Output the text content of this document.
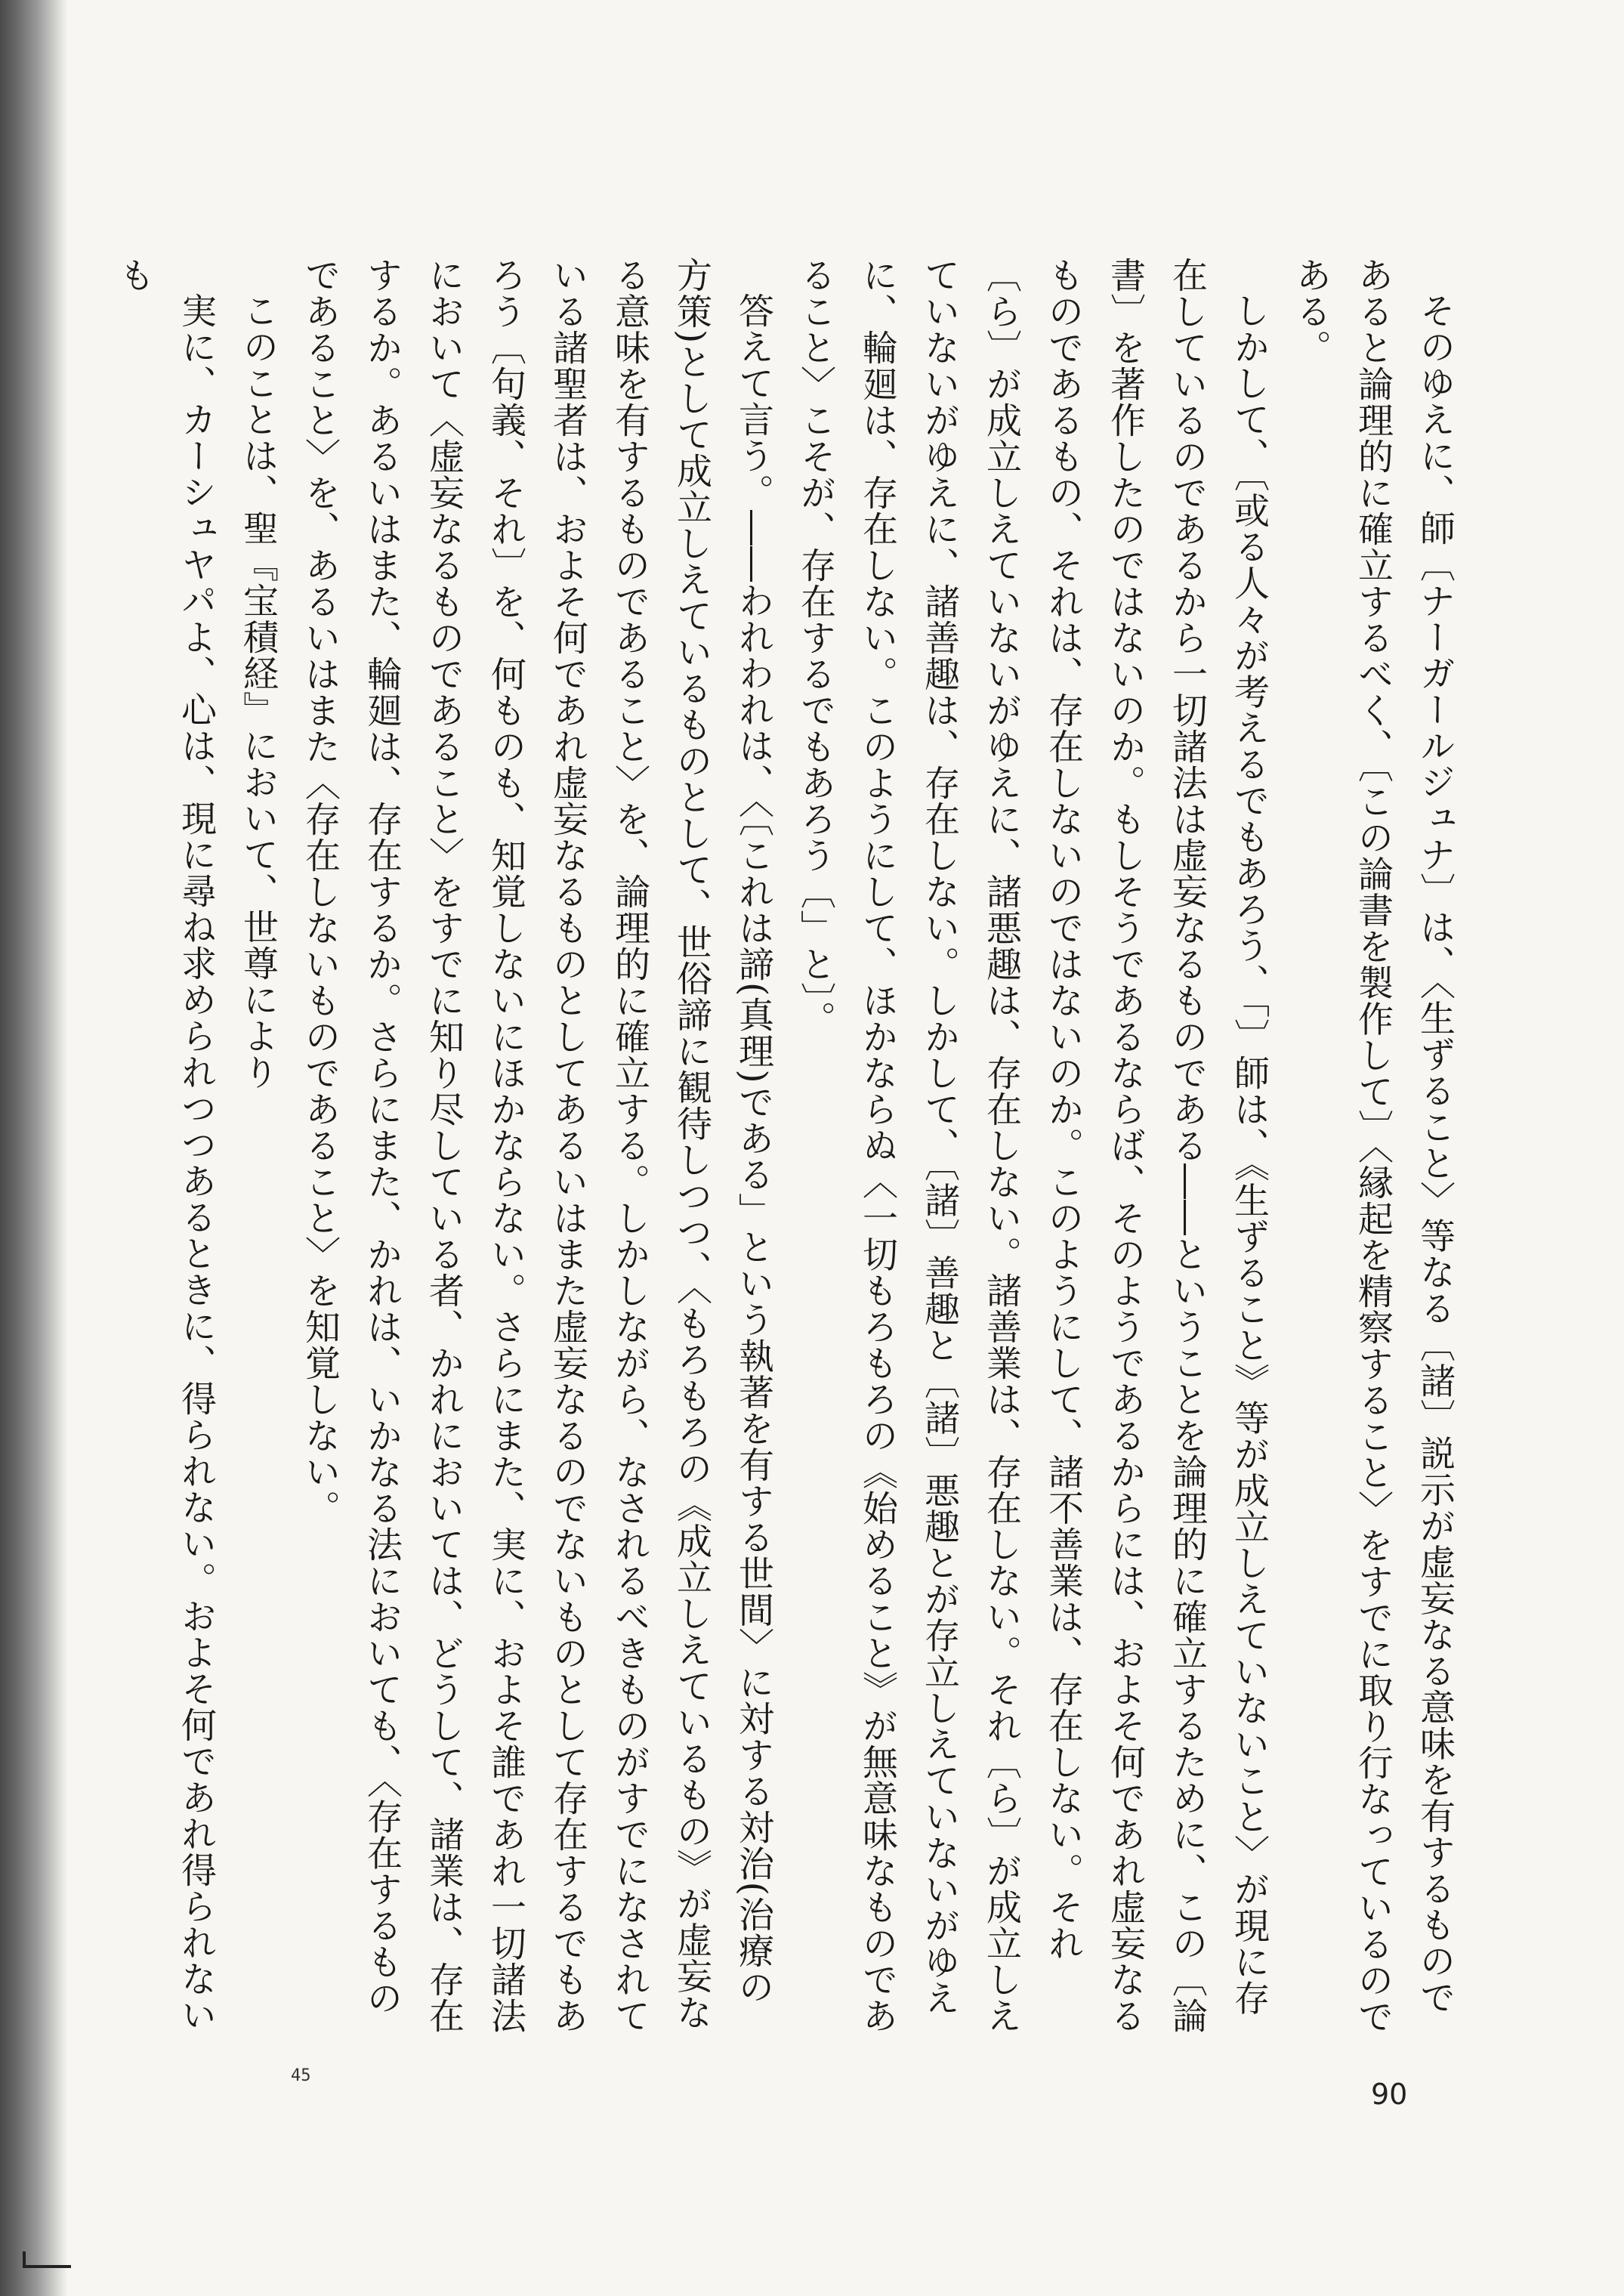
そのゆえに、師〔ナーガールジュナ〕は、〈生ずること〉等なる〔諸〕説示が虚妄なる意味を有するものであると論理的に確立するべく、〔この論書を製作して〕〈縁起を精察すること〉をすでに取り行なっているのである。

しかして、〔或る人々が考えるでもあろう、「〕師は、《生ずること》等が成立しえていないこと〉が現に存在しているのであるから一切諸法は虚妄なるものである――ということを論理的に確立するために、この〔論書〕を著作したのではないのか。もしそうであるならば、そのようであるからには、およそ何であれ虚妄なるものであるもの、それは、存在しないのではないのか。このようにして、諸不善業は、存在しない。それ〔ら〕が成立しえていないがゆえに、諸悪趣は、存在しない。諸善業は、存在しない。それ〔ら〕が成立しえていないがゆえに、諸善趣は、存在しない。しかして、〔諸〕善趣と〔諸〕悪趣とが存立しえていないがゆえに、輪廻は、存在しない。このようにして、ほかならぬ〈一切もろもろの《始めること》が無意味なものであること〉こそが、存在するでもあろう〔」と〕。

答えて言う。――われわれは、〈〔これは諦(真理)である」という執著を有する世間〉に対する対治(治療の方策)として成立しえているものとして、世俗諦に観待しつつ、〈もろもろの《成立しえているもの》が虚妄なる意味を有するものであること〉を、論理的に確立する。しかしながら、なされるべきものがすでになされている諸聖者は、およそ何であれ虚妄なるものとしてあるいはまた虚妄なるのでないものとして存在するでもあろう〔句義、それ〕を、何ものも、知覚しないにほかならない。さらにまた、実に、およそ誰であれ一切諸法において〈虚妄なるものであること〉をすでに知り尽している者、かれにおいては、どうして、諸業は、存在するか。あるいはまた、輪廻は、存在するか。さらにまた、かれは、いかなる法においても、〈存在するものであること〉を、あるいはまた〈存在しないものであること〉を知覚しない。

このことは、聖『宝積経』において、世尊により

実に、カーシュヤパよ、心は、現に尋ね求められつつあるときに、得られない。およそ何であれ得られないも

45
90
